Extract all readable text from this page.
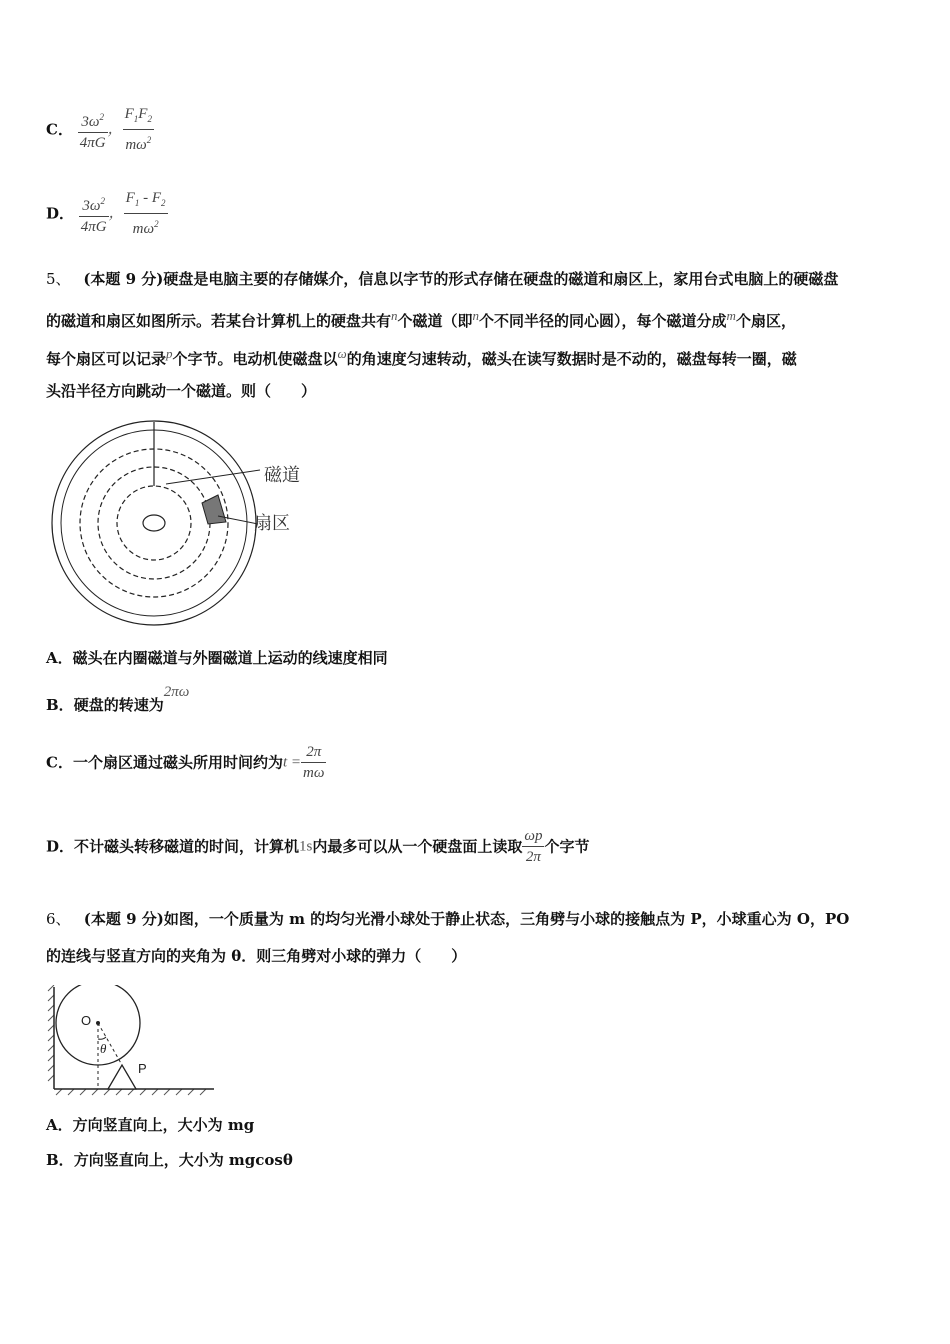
C． $\frac{3\omega^2}{4\pi G}$ ， $\frac{F_1F_2}{m\omega^2}$
D． $\frac{3\omega^2}{4\pi G}$ ， $\frac{F_1 - F_2}{m\omega^2}$
5、 (本题 9 分)硬盘是电脑主要的存储媒介，信息以字节的形式存储在硬盘的磁道和扇区上，家用台式电脑上的硬磁盘
的磁道和扇区如图所示。若某台计算机上的硬盘共有n个磁道（即n个不同半径的同心圆），每个磁道分成m个扇区，
每个扇区可以记录p个字节。电动机使磁盘以ω的角速度匀速转动，磁头在读写数据时是不动的，磁盘每转一圈，磁
头沿半径方向跳动一个磁道。则（　　）
磁道
扇区
A．磁头在内圈磁道与外圈磁道上运动的线速度相同
B．硬盘的转速为2πω
C．一个扇区通过磁头所用时间约为$t = \frac{2\pi}{m\omega}$
D．不计磁头转移磁道的时间，计算机1s内最多可以从一个硬盘面上读取 $\frac{\omega p}{2\pi}$ 个字节
6、 (本题 9 分)如图，一个质量为 m 的均匀光滑小球处于静止状态，三角劈与小球的接触点为 P，小球重心为 O，PO
的连线与竖直方向的夹角为 θ．则三角劈对小球的弹力（　　）
O
θ
P
A．方向竖直向上，大小为 mg
B．方向竖直向上，大小为 mgcosθ
